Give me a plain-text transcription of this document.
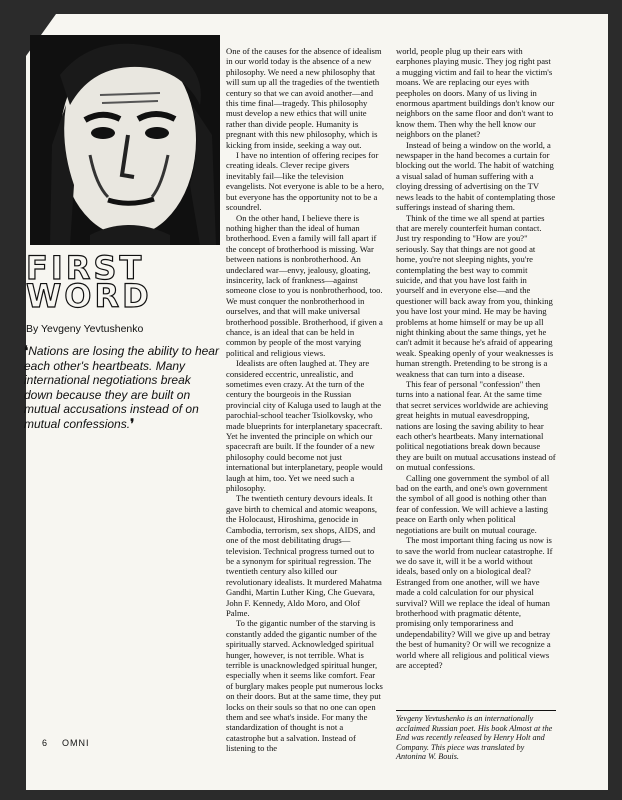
FIRST WORD
By Yevgeny Yevtushenko
❛Nations are losing the ability to hear each other's heartbeats. Many international negotiations break down because they are built on mutual accusations instead of on mutual confessions.❜

One of the causes for the absence of idealism in our world today is the absence of a new philosophy. We need a new philosophy that will sum up all the tragedies of the twentieth century so that we can avoid another—and this time final—tragedy. This philosophy must develop a new ethics that will unite rather than divide people. Humanity is pregnant with this new philosophy, which is kicking from inside, seeking a way out.

I have no intention of offering recipes for creating ideals. Clever recipe givers inevitably fail—like the television evangelists. Not everyone is able to be a hero, but everyone has the opportunity not to be a scoundrel.

On the other hand, I believe there is nothing higher than the ideal of human brotherhood. Even a family will fall apart if the concept of brotherhood is missing. War between nations is nonbrotherhood. An undeclared war—envy, jealousy, gloating, insincerity, lack of frankness—against someone close to you is nonbrotherhood, too. We must conquer the nonbrotherhood in ourselves, and that will make universal brotherhood possible. Brotherhood, if given a chance, is an ideal that can be held in common by people of the most varying political and religious views.

Idealists are often laughed at. They are considered eccentric, unrealistic, and sometimes even crazy. At the turn of the century the bourgeois in the Russian provincial city of Kaluga used to laugh at the parochial-school teacher Tsiolkovsky, who made blueprints for interplanetary spacecraft. Yet he invented the principle on which our spacecraft are built. If the founder of a new philosophy could become not just international but interplanetary, people would laugh at him, too. Yet we need such a philosophy.

The twentieth century devours ideals. It gave birth to chemical and atomic weapons, the Holocaust, Hiroshima, genocide in Cambodia, terrorism, sex shops, AIDS, and one of the most debilitating drugs—television. Technical progress turned out to be a synonym for spiritual regression. The twentieth century also killed our revolutionary idealists. It murdered Mahatma Gandhi, Martin Luther King, Che Guevara, John F. Kennedy, Aldo Moro, and Olof Palme.

To the gigantic number of the starving is constantly added the gigantic number of the spiritually starved. Acknowledged spiritual hunger, however, is not terrible. What is terrible is unacknowledged spiritual hunger, especially when it seems like comfort. Fear of burglary makes people put numerous locks on their doors. But at the same time, they put locks on their souls so that no one can open them and see what's inside. For many the standardization of thought is not a catastrophe but a salvation. Instead of listening to the

world, people plug up their ears with earphones playing music. They jog right past a mugging victim and fail to hear the victim's moans. We are replacing our eyes with peepholes on doors. Many of us living in enormous apartment buildings don't know our neighbors on the same floor and don't want to know them. Then why the hell know our neighbors on the planet?

Instead of being a window on the world, a newspaper in the hand becomes a curtain for blocking out the world. The habit of watching a visual salad of human suffering with a cloying dressing of advertising on the TV news leads to the habit of contemplating those sufferings instead of sharing them.

Think of the time we all spend at parties that are merely counterfeit human contact. Just try responding to "How are you?" seriously. Say that things are not good at home, you're not sleeping nights, you're contemplating the best way to commit suicide, and that you have lost faith in yourself and in everyone else—and the questioner will back away from you, thinking you have lost your mind. He may be having problems at home himself or may be up all night thinking about the same things, yet he can't admit it because he's afraid of appearing weak. Speaking openly of your weaknesses is human strength. Pretending to be strong is a weakness that can turn into a disease.

This fear of personal "confession" then turns into a national fear. At the same time that secret services worldwide are achieving great heights in mutual eavesdropping, nations are losing the saving ability to hear each other's heartbeats. Many international political negotiations break down because they are built on mutual accusations instead of on mutual confessions.

Calling one government the symbol of all bad on the earth, and one's own government the symbol of all good is nothing other than fear of confession. We will achieve a lasting peace on Earth only when political negotiations are built on mutual courage.

The most important thing facing us now is to save the world from nuclear catastrophe. If we do save it, will it be a world without ideals, based only on a biological deal? Estranged from one another, will we have made a cold calculation for our physical survival? Will we replace the ideal of human brotherhood with pragmatic détente, promising only temporariness and undependability? Will we give up and betray the best of humanity? Or will we recognize a world where all religious and political views are accepted?

Yevgeny Yevtushenko is an internationally acclaimed Russian poet. His book Almost at the End was recently released by Henry Holt and Company. This piece was translated by Antonina W. Bouis.
6 OMNI
